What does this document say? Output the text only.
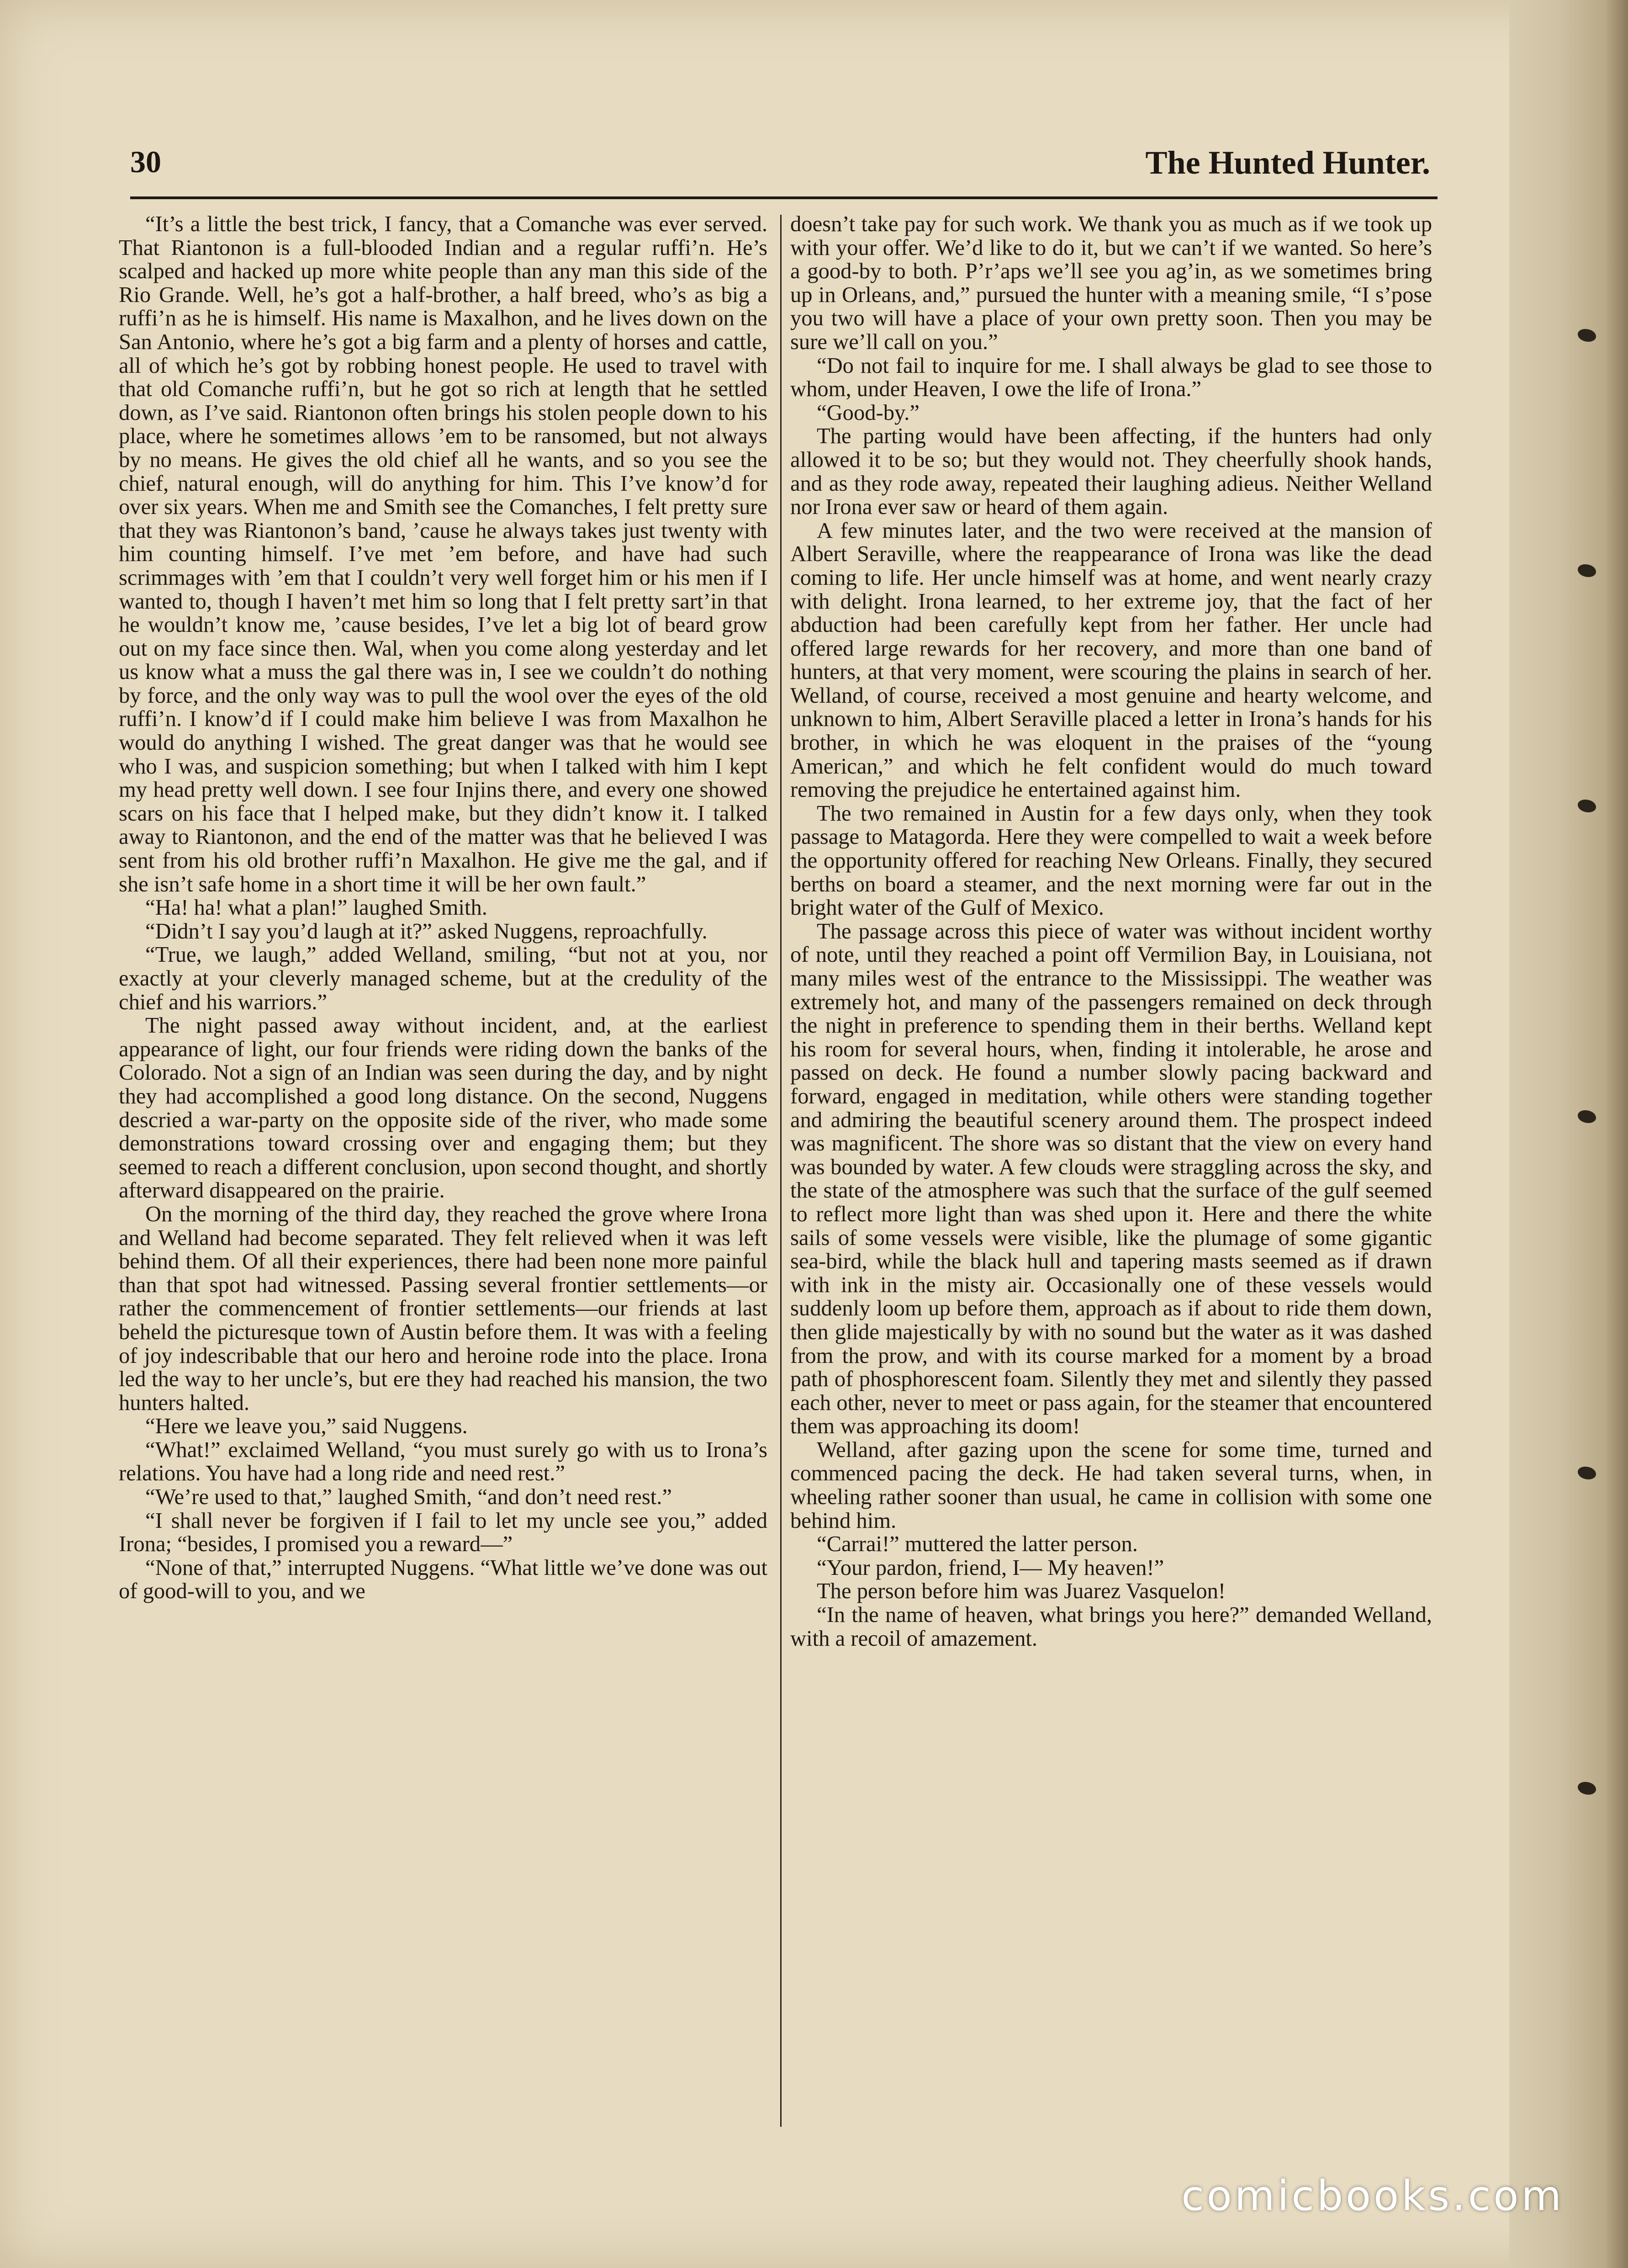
30	The Hunted Hunter.

“It’s a little the best trick, I fancy, that a Comanche was ever served. That Riantonon is a full-blooded Indian and a regular ruffi’n. He’s scalped and hacked up more white people than any man this side of the Rio Grande. Well, he’s got a half-brother, a half breed, who’s as big a ruffi’n as he is himself. His name is Maxalhon, and he lives down on the San Antonio, where he’s got a big farm and a plenty of horses and cattle, all of which he’s got by robbing honest people. He used to travel with that old Comanche ruffi’n, but he got so rich at length that he settled down, as I’ve said. Riantonon often brings his stolen people down to his place, where he sometimes allows ’em to be ransomed, but not always by no means. He gives the old chief all he wants, and so you see the chief, natural enough, will do anything for him. This I’ve know’d for over six years. When me and Smith see the Comanches, I felt pretty sure that they was Riantonon’s band, ’cause he always takes just twenty with him counting himself. I’ve met ’em before, and have had such scrimmages with ’em that I couldn’t very well forget him or his men if I wanted to, though I haven’t met him so long that I felt pretty sart’in that he wouldn’t know me, ’cause besides, I’ve let a big lot of beard grow out on my face since then. Wal, when you come along yesterday and let us know what a muss the gal there was in, I see we couldn’t do nothing by force, and the only way was to pull the wool over the eyes of the old ruffi’n. I know’d if I could make him believe I was from Maxalhon he would do anything I wished. The great danger was that he would see who I was, and suspicion something; but when I talked with him I kept my head pretty well down. I see four Injins there, and every one showed scars on his face that I helped make, but they didn’t know it. I talked away to Riantonon, and the end of the matter was that he believed I was sent from his old brother ruffi’n Maxalhon. He give me the gal, and if she isn’t safe home in a short time it will be her own fault.”

“Ha! ha! what a plan!” laughed Smith.

“Didn’t I say you’d laugh at it?” asked Nuggens, reproachfully.

“True, we laugh,” added Welland, smiling, “but not at you, nor exactly at your cleverly managed scheme, but at the credulity of the chief and his warriors.”

The night passed away without incident, and, at the earliest appearance of light, our four friends were riding down the banks of the Colorado. Not a sign of an Indian was seen during the day, and by night they had accomplished a good long distance. On the second, Nuggens descried a war-party on the opposite side of the river, who made some demonstrations toward crossing over and engaging them; but they seemed to reach a different conclusion, upon second thought, and shortly afterward disappeared on the prairie.

On the morning of the third day, they reached the grove where Irona and Welland had become separated. They felt relieved when it was left behind them. Of all their experiences, there had been none more painful than that spot had witnessed. Passing several frontier settlements—or rather the commencement of frontier settlements—our friends at last beheld the picturesque town of Austin before them. It was with a feeling of joy indescribable that our hero and heroine rode into the place. Irona led the way to her uncle’s, but ere they had reached his mansion, the two hunters halted.

“Here we leave you,” said Nuggens.

“What!” exclaimed Welland, “you must surely go with us to Irona’s relations. You have had a long ride and need rest.”

“We’re used to that,” laughed Smith, “and don’t need rest.”

“I shall never be forgiven if I fail to let my uncle see you,” added Irona; “besides, I promised you a reward—”

“None of that,” interrupted Nuggens. “What little we’ve done was out of good-will to you, and we

doesn’t take pay for such work. We thank you as much as if we took up with your offer. We’d like to do it, but we can’t if we wanted. So here’s a good-by to both. P’r’aps we’ll see you ag’in, as we sometimes bring up in Orleans, and,” pursued the hunter with a meaning smile, “I s’pose you two will have a place of your own pretty soon. Then you may be sure we’ll call on you.”

“Do not fail to inquire for me. I shall always be glad to see those to whom, under Heaven, I owe the life of Irona.”

“Good-by.”

The parting would have been affecting, if the hunters had only allowed it to be so; but they would not. They cheerfully shook hands, and as they rode away, repeated their laughing adieus. Neither Welland nor Irona ever saw or heard of them again.

A few minutes later, and the two were received at the mansion of Albert Seraville, where the reappearance of Irona was like the dead coming to life. Her uncle himself was at home, and went nearly crazy with delight. Irona learned, to her extreme joy, that the fact of her abduction had been carefully kept from her father. Her uncle had offered large rewards for her recovery, and more than one band of hunters, at that very moment, were scouring the plains in search of her. Welland, of course, received a most genuine and hearty welcome, and unknown to him, Albert Seraville placed a letter in Irona’s hands for his brother, in which he was eloquent in the praises of the “young American,” and which he felt confident would do much toward removing the prejudice he entertained against him.

The two remained in Austin for a few days only, when they took passage to Matagorda. Here they were compelled to wait a week before the opportunity offered for reaching New Orleans. Finally, they secured berths on board a steamer, and the next morning were far out in the bright water of the Gulf of Mexico.

The passage across this piece of water was without incident worthy of note, until they reached a point off Vermilion Bay, in Louisiana, not many miles west of the entrance to the Mississippi. The weather was extremely hot, and many of the passengers remained on deck through the night in preference to spending them in their berths. Welland kept his room for several hours, when, finding it intolerable, he arose and passed on deck. He found a number slowly pacing backward and forward, engaged in meditation, while others were standing together and admiring the beautiful scenery around them. The prospect indeed was magnificent. The shore was so distant that the view on every hand was bounded by water. A few clouds were straggling across the sky, and the state of the atmosphere was such that the surface of the gulf seemed to reflect more light than was shed upon it. Here and there the white sails of some vessels were visible, like the plumage of some gigantic sea-bird, while the black hull and tapering masts seemed as if drawn with ink in the misty air. Occasionally one of these vessels would suddenly loom up before them, approach as if about to ride them down, then glide majestically by with no sound but the water as it was dashed from the prow, and with its course marked for a moment by a broad path of phosphorescent foam. Silently they met and silently they passed each other, never to meet or pass again, for the steamer that encountered them was approaching its doom!

Welland, after gazing upon the scene for some time, turned and commenced pacing the deck. He had taken several turns, when, in wheeling rather sooner than usual, he came in collision with some one behind him.

“Carrai!” muttered the latter person.

“Your pardon, friend, I— My heaven!”

The person before him was Juarez Vasquelon!

“In the name of heaven, what brings you here?” demanded Welland, with a recoil of amazement.

comicbooks.com
